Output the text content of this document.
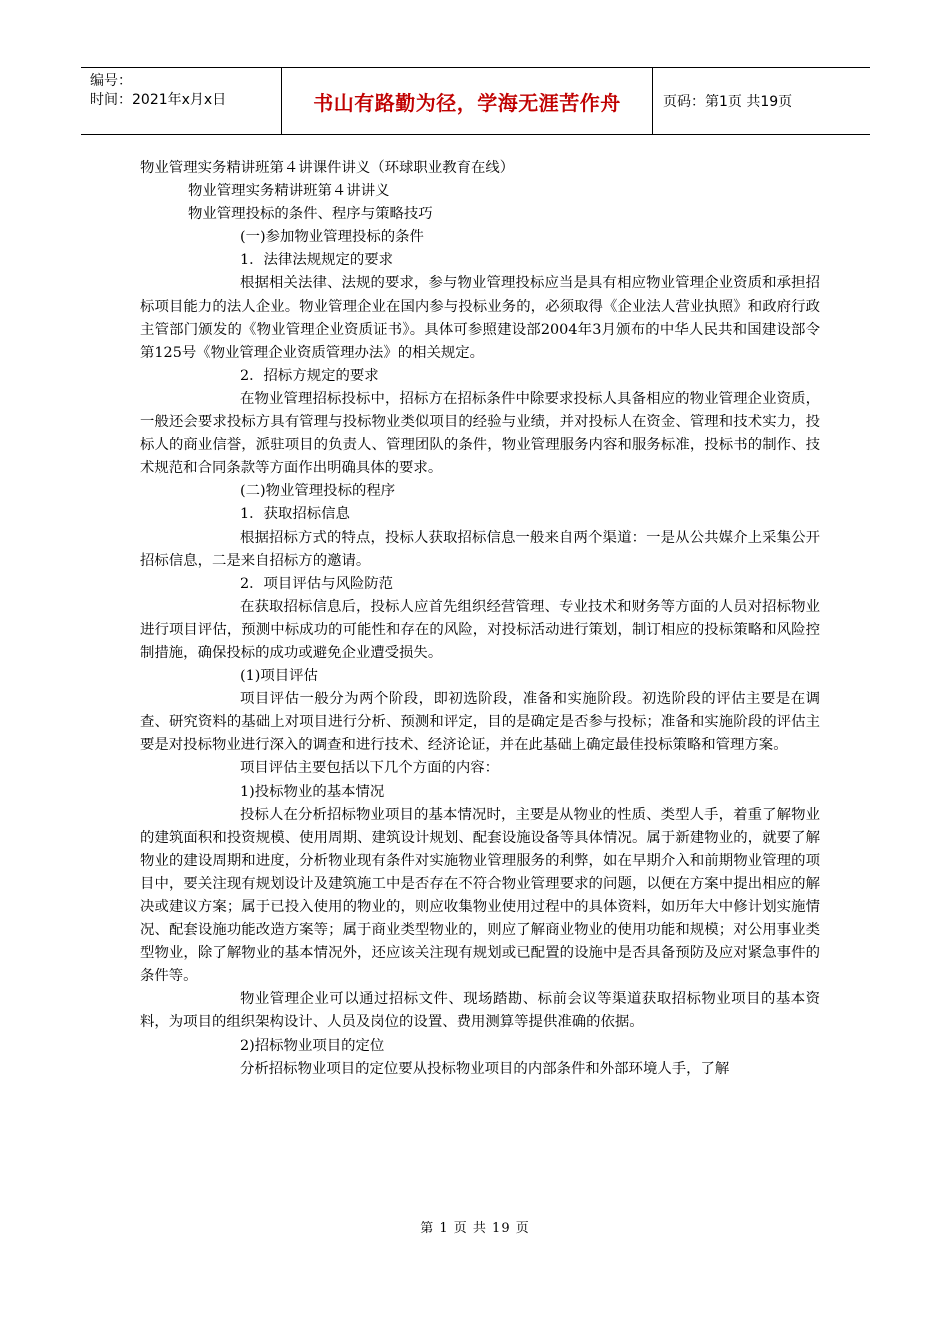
编号：
时间：2021年x月x日	书山有路勤为径，学海无涯苦作舟	页码：第1页 共19页

物业管理实务精讲班第４讲课件讲义（环球职业教育在线）

物业管理实务精讲班第４讲讲义

物业管理投标的条件、程序与策略技巧

(一)参加物业管理投标的条件

1．法律法规规定的要求

根据相关法律、法规的要求，参与物业管理投标应当是具有相应物业管理企业资质和承担招标项目能力的法人企业。物业管理企业在国内参与投标业务的，必须取得《企业法人营业执照》和政府行政主管部门颁发的《物业管理企业资质证书》。具体可参照建设部2004年3月颁布的中华人民共和国建设部令第125号《物业管理企业资质管理办法》的相关规定。

2．招标方规定的要求

在物业管理招标投标中，招标方在招标条件中除要求投标人具备相应的物业管理企业资质，一般还会要求投标方具有管理与投标物业类似项目的经验与业绩，并对投标人在资金、管理和技术实力，投标人的商业信誉，派驻项目的负责人、管理团队的条件，物业管理服务内容和服务标准，投标书的制作、技术规范和合同条款等方面作出明确具体的要求。

(二)物业管理投标的程序

1．获取招标信息

根据招标方式的特点，投标人获取招标信息一般来自两个渠道：一是从公共媒介上采集公开招标信息，二是来自招标方的邀请。

2．项目评估与风险防范

在获取招标信息后，投标人应首先组织经营管理、专业技术和财务等方面的人员对招标物业进行项目评估，预测中标成功的可能性和存在的风险，对投标活动进行策划，制订相应的投标策略和风险控制措施，确保投标的成功或避免企业遭受损失。

(1)项目评估

项目评估一般分为两个阶段，即初选阶段，准备和实施阶段。初选阶段的评估主要是在调查、研究资料的基础上对项目进行分析、预测和评定，目的是确定是否参与投标；准备和实施阶段的评估主要是对投标物业进行深入的调查和进行技术、经济论证，并在此基础上确定最佳投标策略和管理方案。

项目评估主要包括以下几个方面的内容：

1)投标物业的基本情况

投标人在分析招标物业项目的基本情况时，主要是从物业的性质、类型人手，着重了解物业的建筑面积和投资规模、使用周期、建筑设计规划、配套设施设备等具体情况。属于新建物业的，就要了解物业的建设周期和进度，分析物业现有条件对实施物业管理服务的利弊，如在早期介入和前期物业管理的项目中，要关注现有规划设计及建筑施工中是否存在不符合物业管理要求的问题，以便在方案中提出相应的解决或建议方案；属于已投入使用的物业的，则应收集物业使用过程中的具体资料，如历年大中修计划实施情况、配套设施功能改造方案等；属于商业类型物业的，则应了解商业物业的使用功能和规模；对公用事业类型物业，除了解物业的基本情况外，还应该关注现有规划或已配置的设施中是否具备预防及应对紧急事件的条件等。

物业管理企业可以通过招标文件、现场踏勘、标前会议等渠道获取招标物业项目的基本资料，为项目的组织架构设计、人员及岗位的设置、费用测算等提供准确的依据。

2)招标物业项目的定位

分析招标物业项目的定位要从投标物业项目的内部条件和外部环境人手，了解

第 1 页 共 19 页
